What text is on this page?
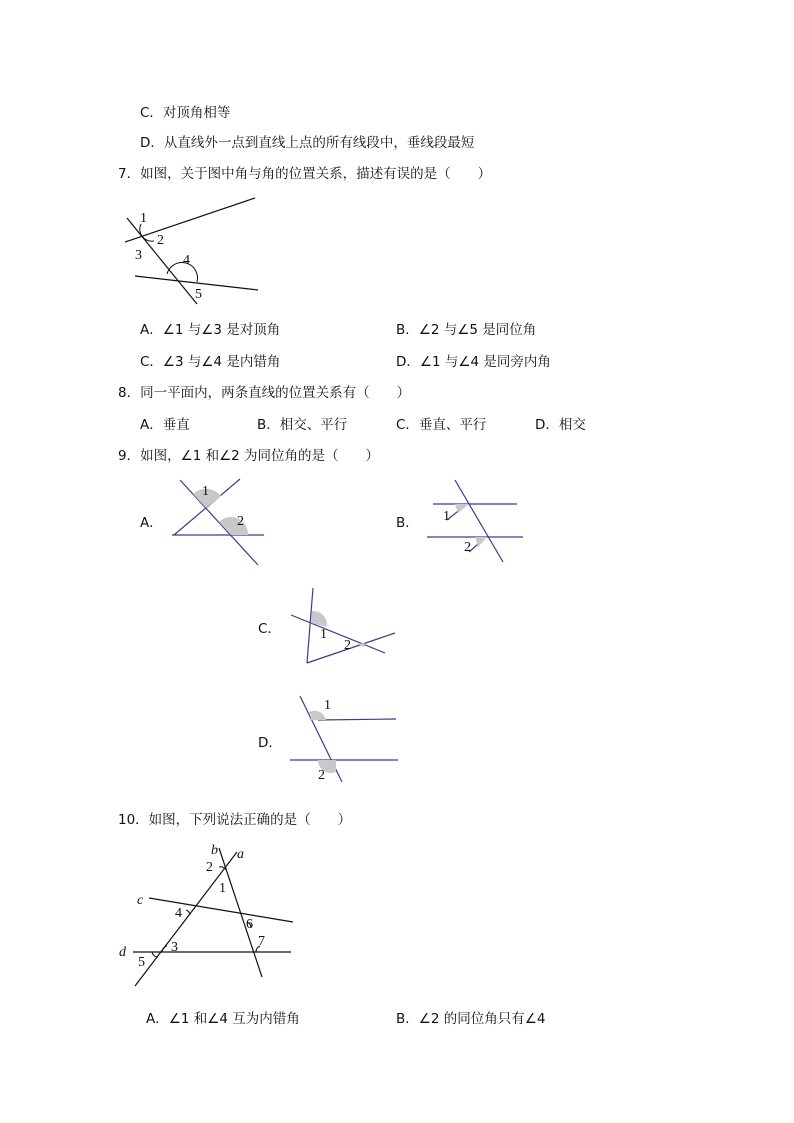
C．对顶角相等
D．从直线外一点到直线上点的所有线段中，垂线段最短
7．如图，关于图中角与角的位置关系，描述有误的是（　　）
1
2
3	4
5
A．∠1 与∠3 是对顶角	B．∠2 与∠5 是同位角
C．∠3 与∠4 是内错角	D．∠1 与∠4 是同旁内角
8．同一平面内，两条直线的位置关系有（　　）
A．垂直	B．相交、平行	C．垂直、平行	D．相交
9．如图，∠1 和∠2 为同位角的是（　　）
A．
1
2	B． 1
2
C．	1
2
D．
1
2
10．如图，下列说法正确的是（　　）
b a
c
d
1
2
3
4
5
6
7
A．∠1 和∠4 互为内错角	B．∠2 的同位角只有∠4
